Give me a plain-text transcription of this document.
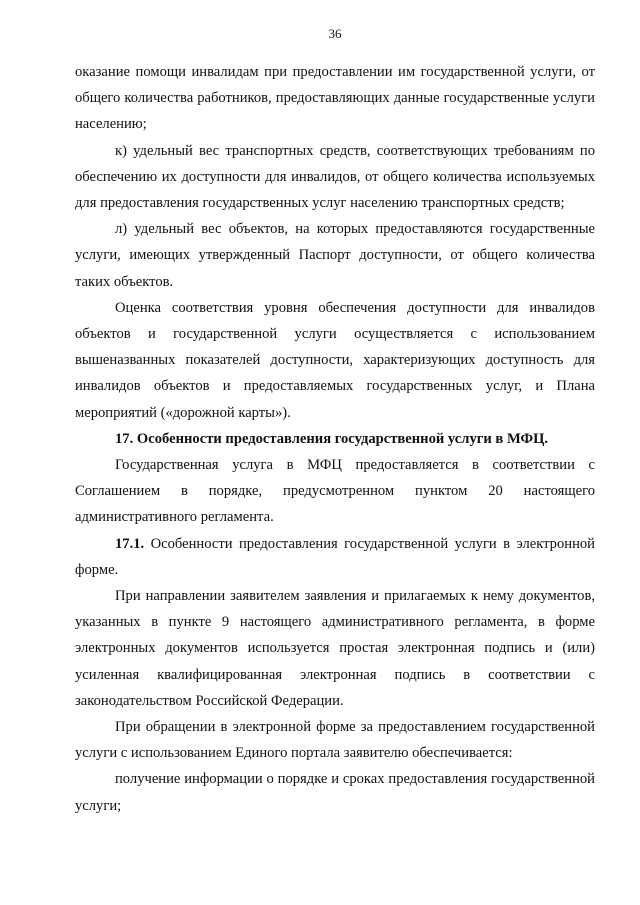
36

оказание помощи инвалидам при предоставлении им государственной услуги, от общего количества работников, предоставляющих данные государственные услуги населению;

к) удельный вес транспортных средств, соответствующих требованиям по обеспечению их доступности для инвалидов, от общего количества используемых для предоставления государственных услуг населению транспортных средств;

л) удельный вес объектов, на которых предоставляются государственные услуги, имеющих утвержденный Паспорт доступности, от общего количества таких объектов.

Оценка соответствия уровня обеспечения доступности для инвалидов объектов и государственной услуги осуществляется с использованием вышеназванных показателей доступности, характеризующих доступность для инвалидов объектов и предоставляемых государственных услуг, и Плана мероприятий («дорожной карты»).

17. Особенности предоставления государственной услуги в МФЦ.

Государственная услуга в МФЦ предоставляется в соответствии с Соглашением в порядке, предусмотренном пунктом 20 настоящего административного регламента.

17.1. Особенности предоставления государственной услуги в электронной форме.

При направлении заявителем заявления и прилагаемых к нему документов, указанных в пункте 9 настоящего административного регламента, в форме электронных документов используется простая электронная подпись и (или) усиленная квалифицированная электронная подпись в соответствии с законодательством Российской Федерации.

При обращении в электронной форме за предоставлением государственной услуги с использованием Единого портала заявителю обеспечивается:

получение информации о порядке и сроках предоставления государственной услуги;
